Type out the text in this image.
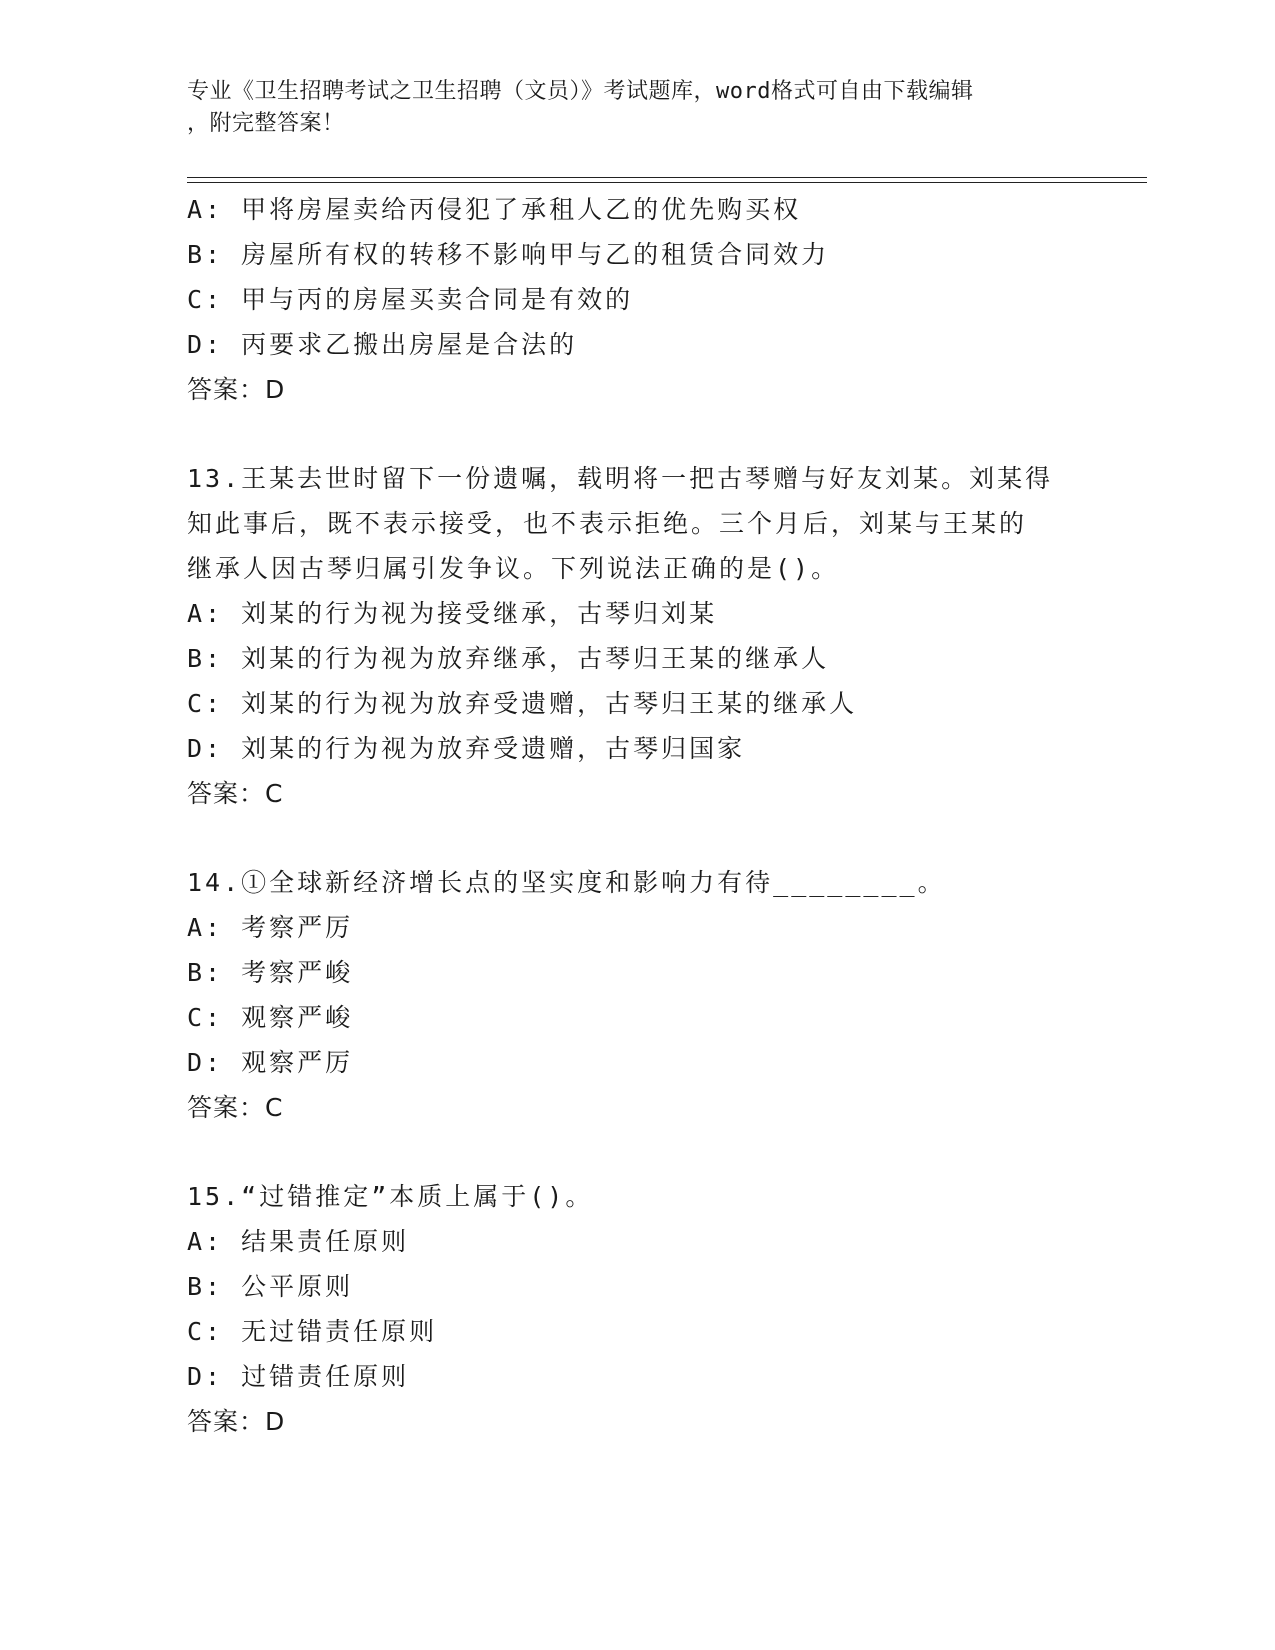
专业《卫生招聘考试之卫生招聘（文员）》考试题库，word格式可自由下载编辑
，附完整答案！
A: 甲将房屋卖给丙侵犯了承租人乙的优先购买权
B: 房屋所有权的转移不影响甲与乙的租赁合同效力
C: 甲与丙的房屋买卖合同是有效的
D: 丙要求乙搬出房屋是合法的
答案：D
13.王某去世时留下一份遗嘱，载明将一把古琴赠与好友刘某。刘某得
知此事后，既不表示接受，也不表示拒绝。三个月后，刘某与王某的
继承人因古琴归属引发争议。下列说法正确的是()。
A: 刘某的行为视为接受继承，古琴归刘某
B: 刘某的行为视为放弃继承，古琴归王某的继承人
C: 刘某的行为视为放弃受遗赠，古琴归王某的继承人
D: 刘某的行为视为放弃受遗赠，古琴归国家
答案：C
14.①全球新经济增长点的坚实度和影响力有待________。
A: 考察严厉
B: 考察严峻
C: 观察严峻
D: 观察严厉
答案：C
15.“过错推定”本质上属于()。
A: 结果责任原则
B: 公平原则
C: 无过错责任原则
D: 过错责任原则
答案：D
